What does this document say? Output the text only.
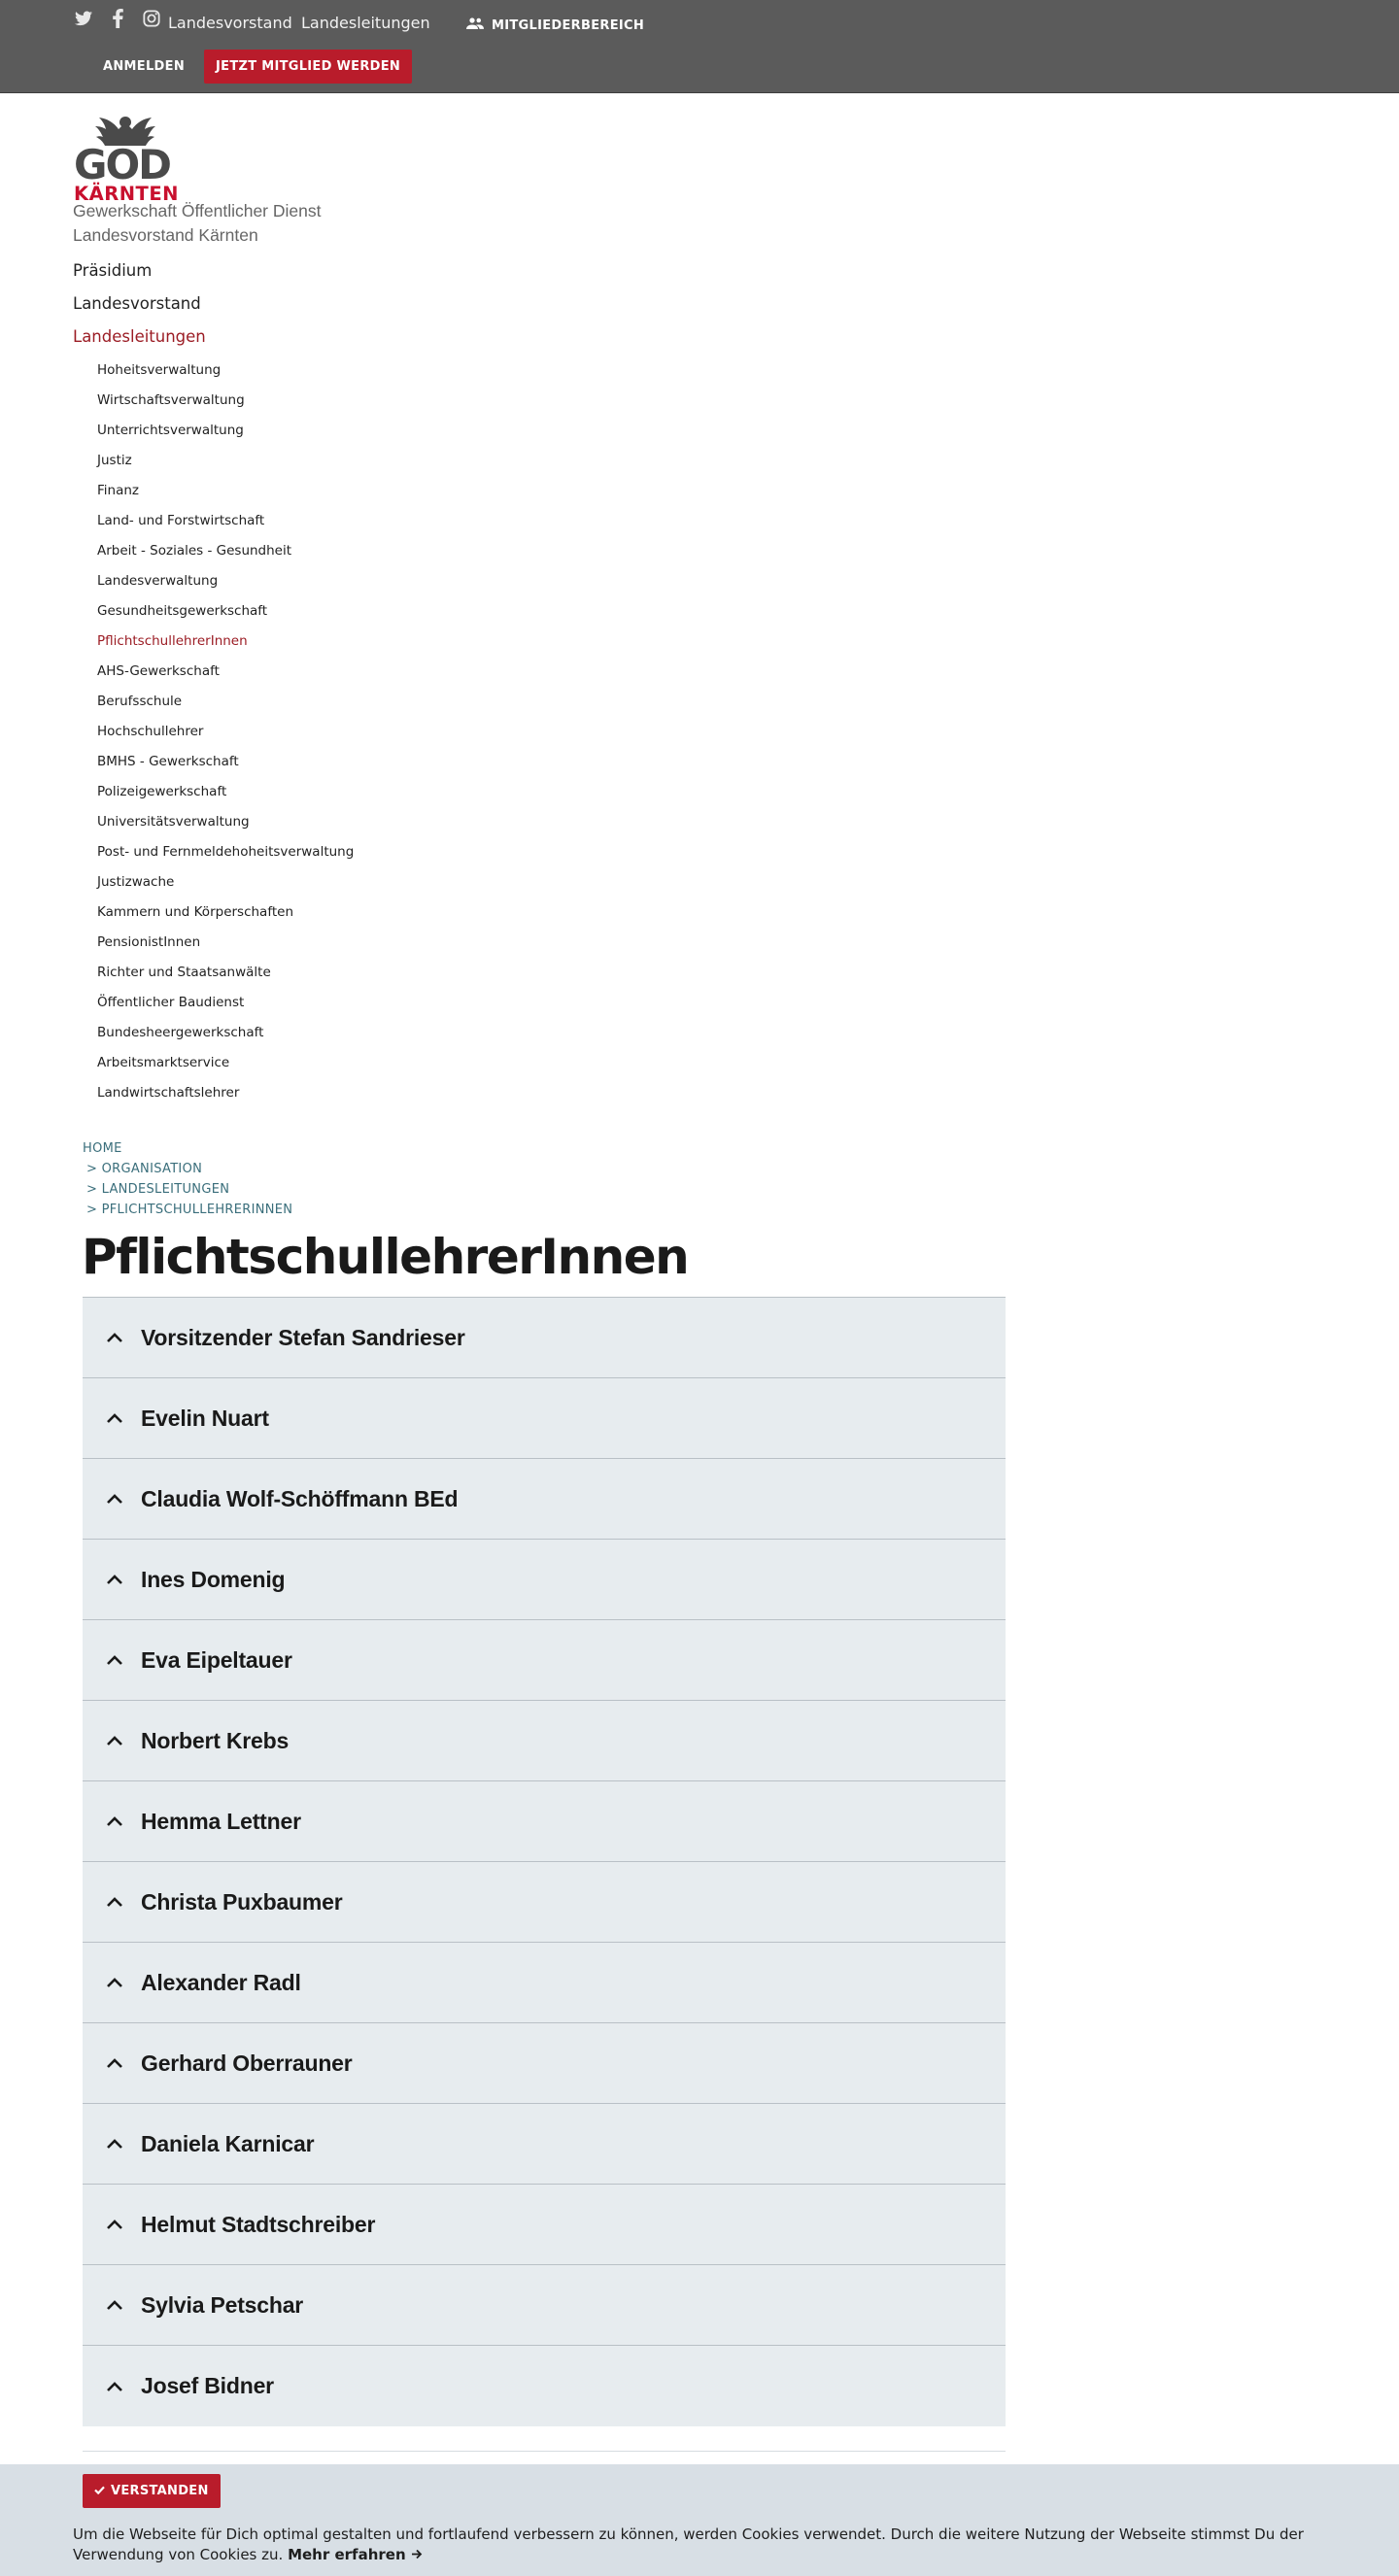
Landesvorstand Landesleitungen	MITGLIEDERBEREICH
ANMELDEN	JETZT MITGLIED WERDEN
GÖD
KÄRNTEN
Gewerkschaft Öffentlicher Dienst
Landesvorstand Kärnten
Präsidium
Landesvorstand
Landesleitungen
Hoheitsverwaltung
Wirtschaftsverwaltung
Unterrichtsverwaltung
Justiz
Finanz
Land- und Forstwirtschaft
Arbeit - Soziales - Gesundheit
Landesverwaltung
Gesundheitsgewerkschaft
PflichtschullehrerInnen
AHS-Gewerkschaft
Berufsschule
Hochschullehrer
BMHS - Gewerkschaft
Polizeigewerkschaft
Universitätsverwaltung
Post- und Fernmeldehoheitsverwaltung
Justizwache
Kammern und Körperschaften
PensionistInnen
Richter und Staatsanwälte
Öffentlicher Baudienst
Bundesheergewerkschaft
Arbeitsmarktservice
Landwirtschaftslehrer
HOME
> ORGANISATION
> LANDESLEITUNGEN
> PFLICHTSCHULLEHRERINNEN
PflichtschullehrerInnen
Vorsitzender Stefan Sandrieser
Evelin Nuart
Claudia Wolf-Schöffmann BEd
Ines Domenig
Eva Eipeltauer
Norbert Krebs
Hemma Lettner
Christa Puxbaumer
Alexander Radl
Gerhard Oberrauner
Daniela Karnicar
Helmut Stadtschreiber
Sylvia Petschar
Josef Bidner
VERSTANDEN
Um die Webseite für Dich optimal gestalten und fortlaufend verbessern zu können, werden Cookies verwendet. Durch die weitere Nutzung der Webseite stimmst Du der Verwendung von Cookies zu. Mehr erfahren
